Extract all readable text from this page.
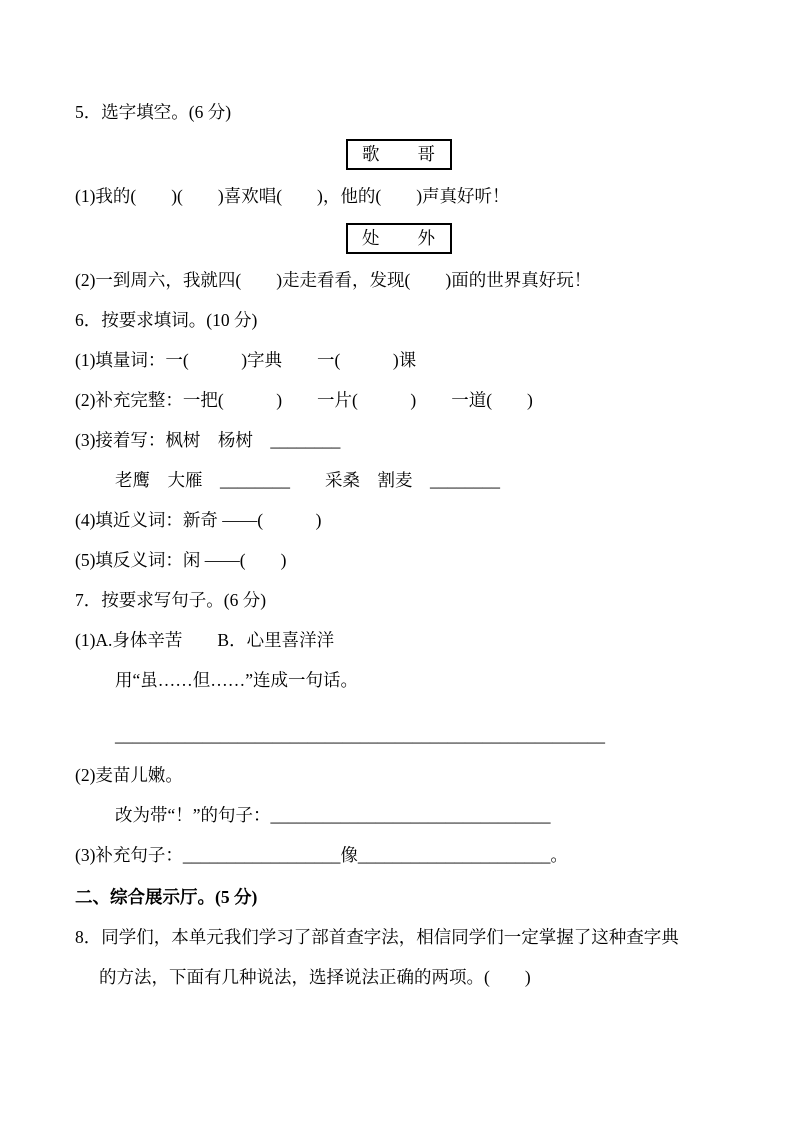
5．选字填空。(6 分)
歌　　哥
(1)我的(　　)(　　)喜欢唱(　　)，他的(　　)声真好听！
处　　外
(2)一到周六，我就四(　　)走走看看，发现(　　)面的世界真好玩！
6．按要求填词。(10 分)
(1)填量词：一(　　　)字典　　一(　　　)课
(2)补充完整：一把(　　　)　　一片(　　　)　　一道(　　)
(3)接着写：枫树　杨树　________
老鹰　大雁　________　　采桑　割麦　________
(4)填近义词：新奇 ——(　　　)
(5)填反义词：闲 ——(　　)
7．按要求写句子。(6 分)
(1)A.身体辛苦　　B．心里喜洋洋
用“虽……但……”连成一句话。
________________________________________________________
(2)麦苗儿嫩。
改为带“！”的句子：________________________________
(3)补充句子：__________________像______________________。
二、综合展示厅。(5 分)
8．同学们，本单元我们学习了部首查字法，相信同学们一定掌握了这种查字典
的方法，下面有几种说法，选择说法正确的两项。(　　)
